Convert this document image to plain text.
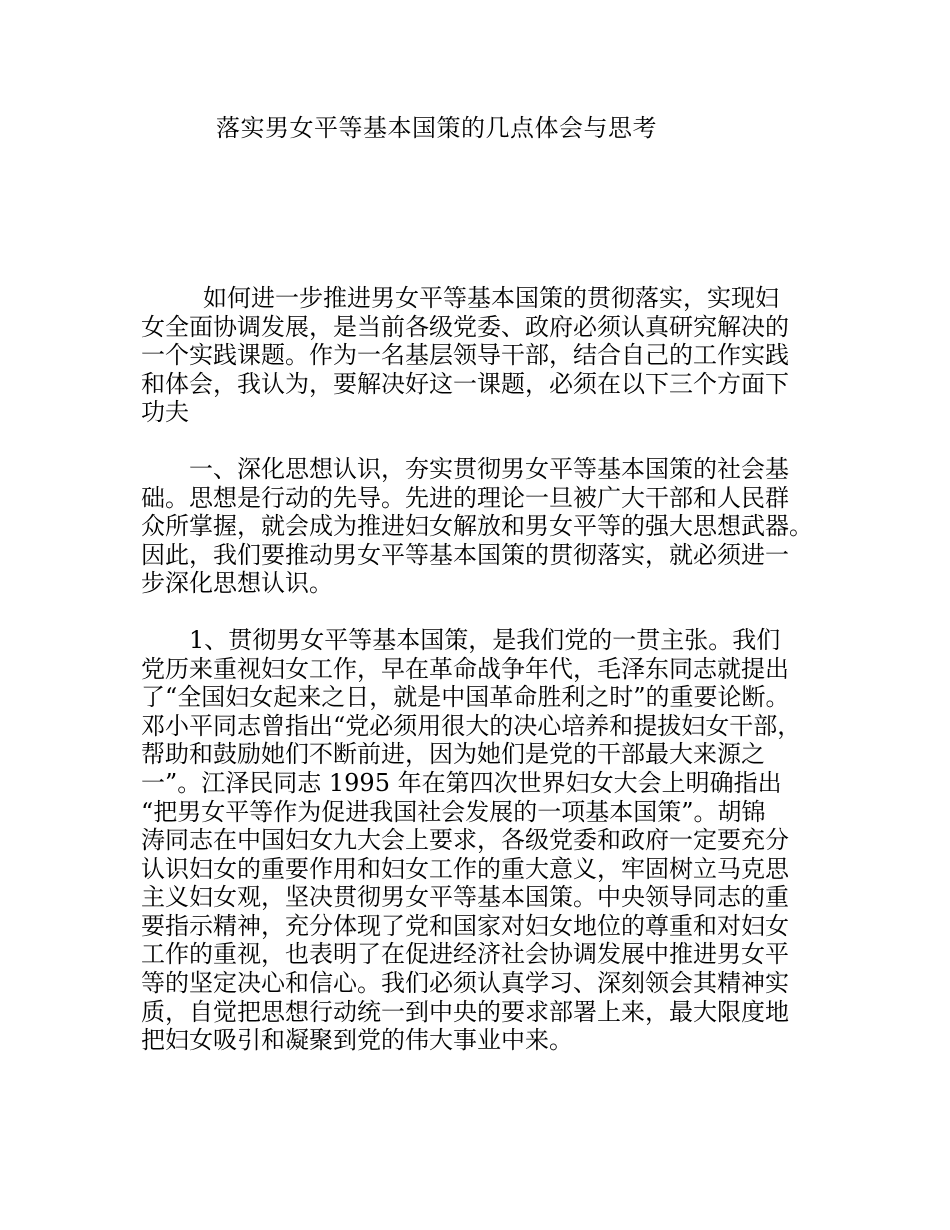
落实男女平等基本国策的几点体会与思考

如何进一步推进男女平等基本国策的贯彻落实，实现妇
女全面协调发展，是当前各级党委、政府必须认真研究解决的
一个实践课题。作为一名基层领导干部，结合自己的工作实践
和体会，我认为，要解决好这一课题，必须在以下三个方面下
功夫

一、深化思想认识，夯实贯彻男女平等基本国策的社会基
础。思想是行动的先导。先进的理论一旦被广大干部和人民群
众所掌握，就会成为推进妇女解放和男女平等的强大思想武器。
因此，我们要推动男女平等基本国策的贯彻落实，就必须进一
步深化思想认识。

1、贯彻男女平等基本国策，是我们党的一贯主张。我们
党历来重视妇女工作，早在革命战争年代，毛泽东同志就提出
了“全国妇女起来之日，就是中国革命胜利之时”的重要论断。
邓小平同志曾指出“党必须用很大的决心培养和提拔妇女干部，
帮助和鼓励她们不断前进，因为她们是党的干部最大来源之
一”。江泽民同志 1995 年在第四次世界妇女大会上明确指出
“把男女平等作为促进我国社会发展的一项基本国策”。胡锦
涛同志在中国妇女九大会上要求，各级党委和政府一定要充分
认识妇女的重要作用和妇女工作的重大意义，牢固树立马克思
主义妇女观，坚决贯彻男女平等基本国策。中央领导同志的重
要指示精神，充分体现了党和国家对妇女地位的尊重和对妇女
工作的重视，也表明了在促进经济社会协调发展中推进男女平
等的坚定决心和信心。我们必须认真学习、深刻领会其精神实
质，自觉把思想行动统一到中央的要求部署上来，最大限度地
把妇女吸引和凝聚到党的伟大事业中来。
